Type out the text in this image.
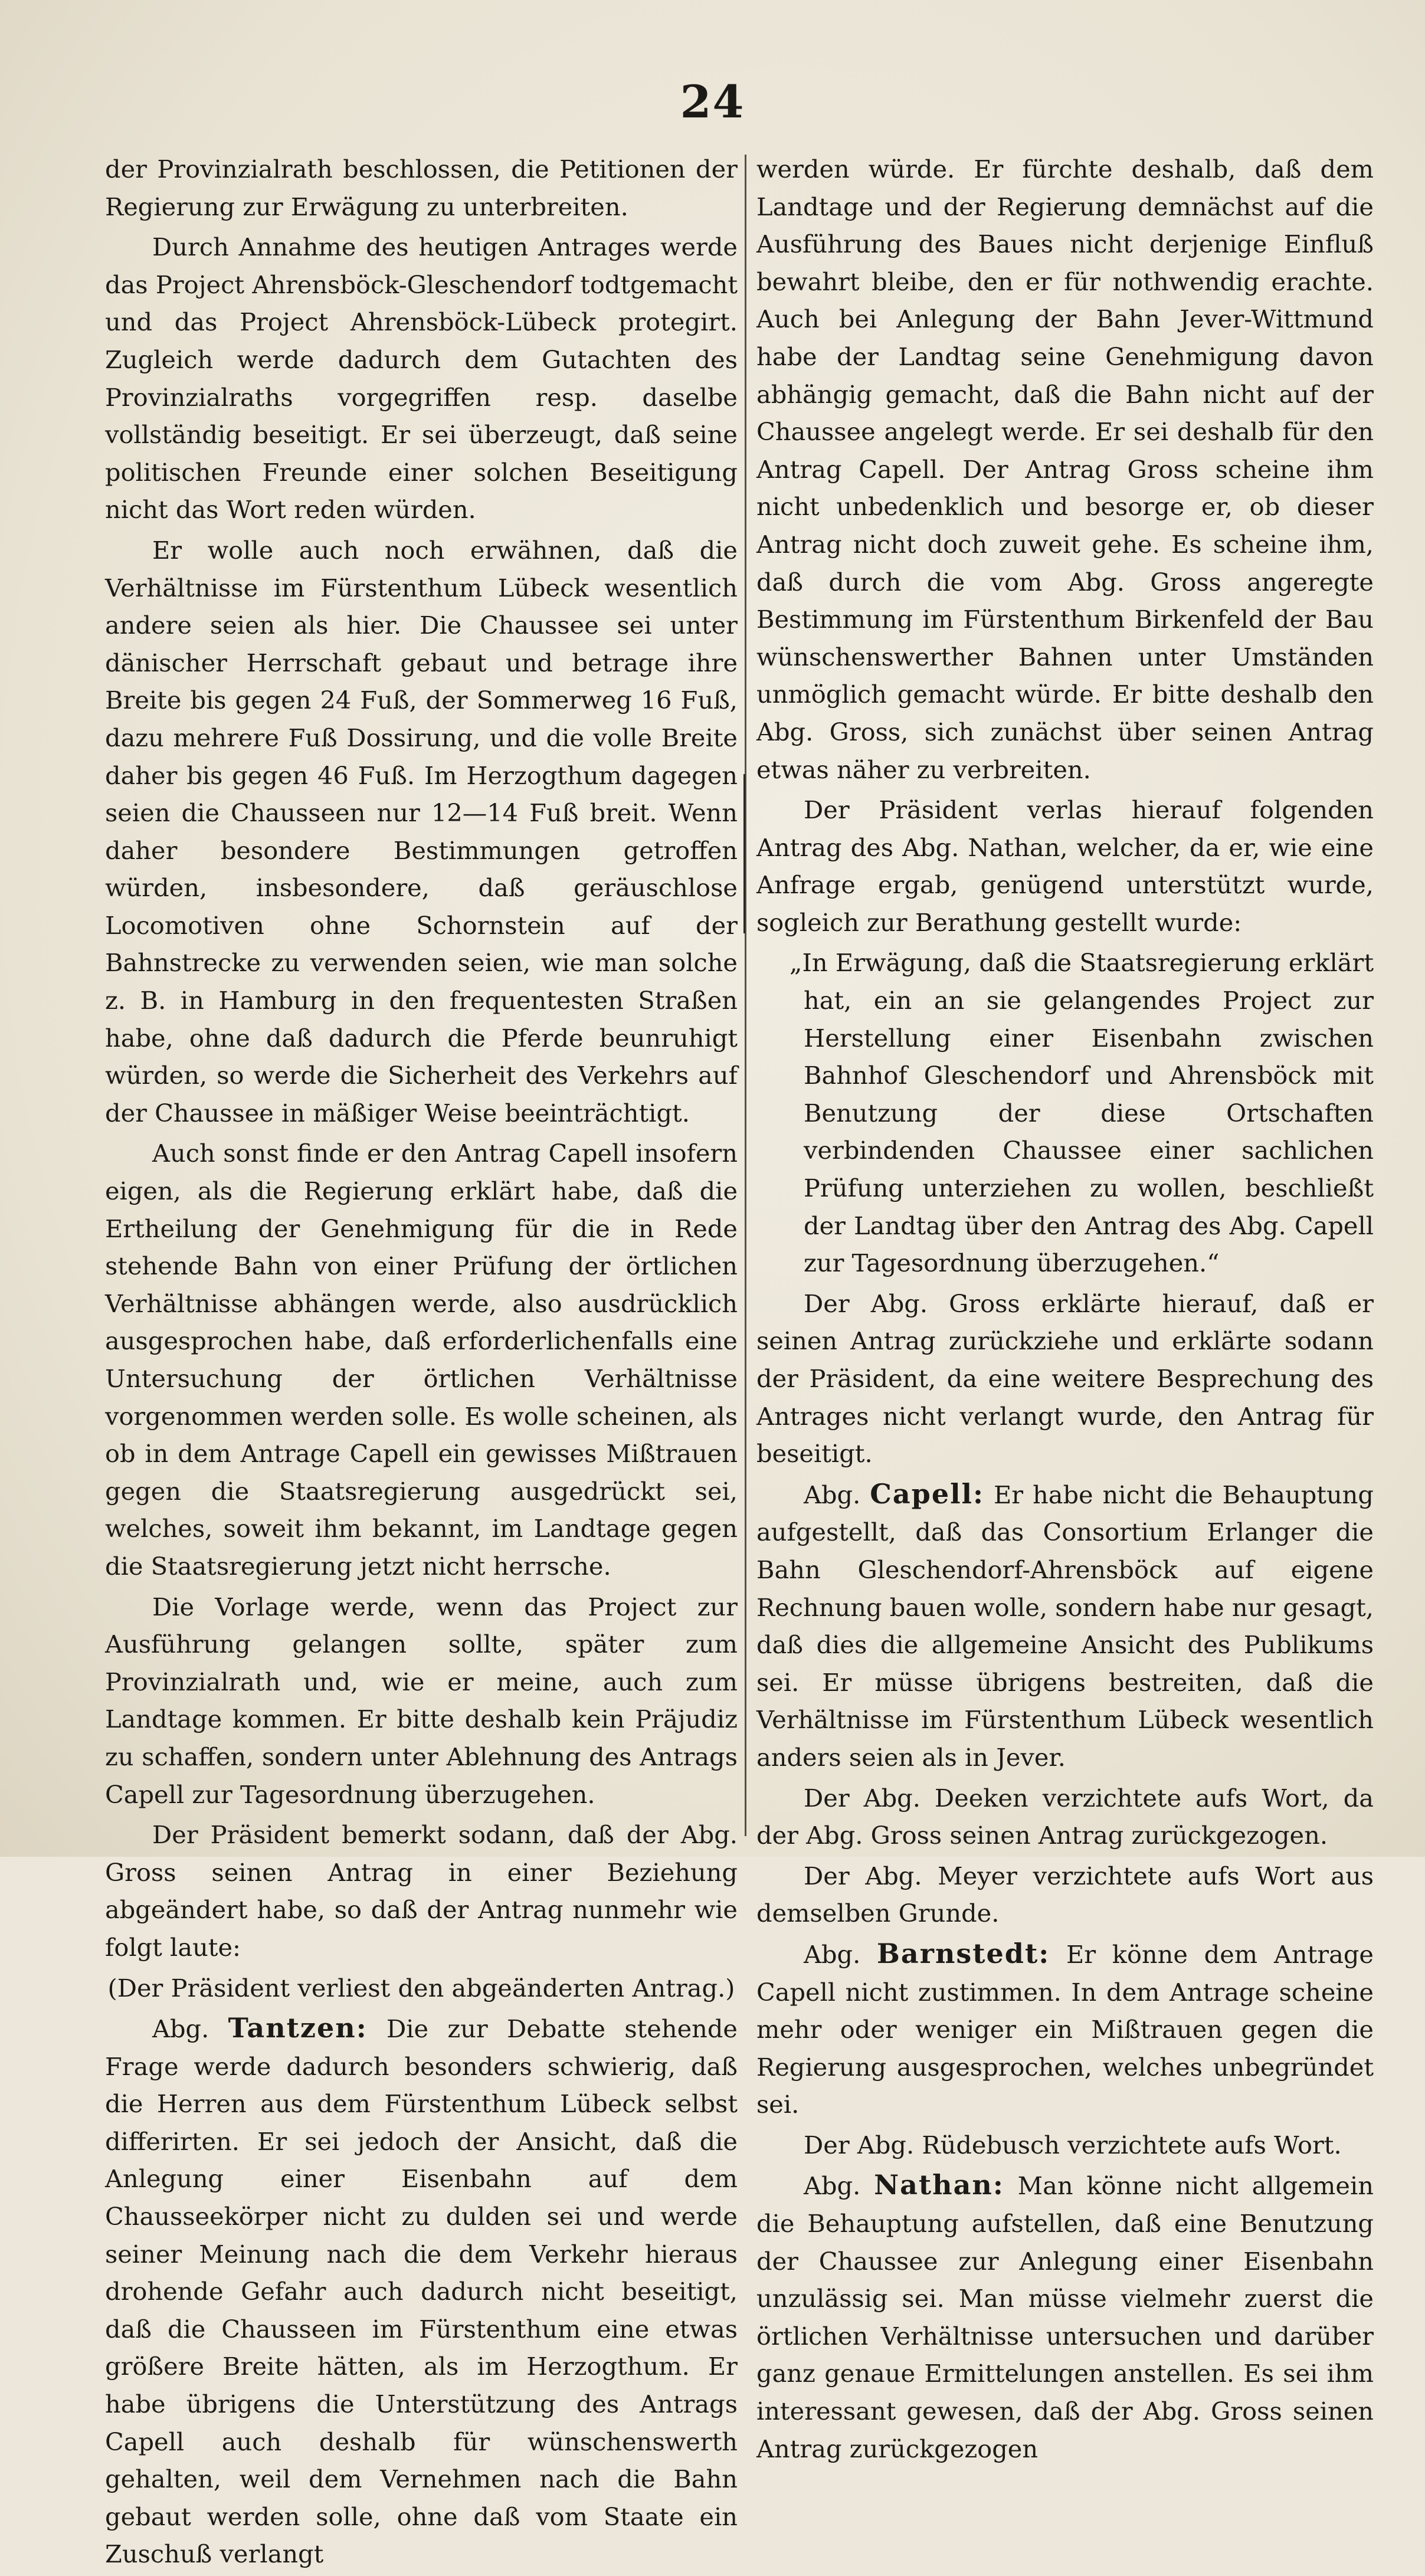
24

der Provinzialrath beschlossen, die Petitionen der Regierung zur Erwägung zu unterbreiten.

Durch Annahme des heutigen Antrages werde das Project Ahrensböck-Gleschendorf todtgemacht und das Project Ahrensböck-Lübeck protegirt. Zugleich werde dadurch dem Gutachten des Provinzialraths vorgegriffen resp. daselbe vollständig beseitigt. Er sei überzeugt, daß seine politischen Freunde einer solchen Beseitigung nicht das Wort reden würden.

Er wolle auch noch erwähnen, daß die Verhältnisse im Fürstenthum Lübeck wesentlich andere seien als hier. Die Chaussee sei unter dänischer Herrschaft gebaut und betrage ihre Breite bis gegen 24 Fuß, der Sommerweg 16 Fuß, dazu mehrere Fuß Dossirung, und die volle Breite daher bis gegen 46 Fuß. Im Herzogthum dagegen seien die Chausseen nur 12—14 Fuß breit. Wenn daher besondere Bestimmungen getroffen würden, insbesondere, daß geräuschlose Locomotiven ohne Schornstein auf der Bahnstrecke zu verwenden seien, wie man solche z. B. in Hamburg in den frequentesten Straßen habe, ohne daß dadurch die Pferde beunruhigt würden, so werde die Sicherheit des Verkehrs auf der Chaussee in mäßiger Weise beeinträchtigt.

Auch sonst finde er den Antrag Capell insofern eigen, als die Regierung erklärt habe, daß die Ertheilung der Genehmigung für die in Rede stehende Bahn von einer Prüfung der örtlichen Verhältnisse abhängen werde, also ausdrücklich ausgesprochen habe, daß erforderlichenfalls eine Untersuchung der örtlichen Verhältnisse vorgenommen werden solle. Es wolle scheinen, als ob in dem Antrage Capell ein gewisses Mißtrauen gegen die Staatsregierung ausgedrückt sei, welches, soweit ihm bekannt, im Landtage gegen die Staatsregierung jetzt nicht herrsche.

Die Vorlage werde, wenn das Project zur Ausführung gelangen sollte, später zum Provinzialrath und, wie er meine, auch zum Landtage kommen. Er bitte deshalb kein Präjudiz zu schaffen, sondern unter Ablehnung des Antrags Capell zur Tagesordnung überzugehen.

Der Präsident bemerkt sodann, daß der Abg. Gross seinen Antrag in einer Beziehung abgeändert habe, so daß der Antrag nunmehr wie folgt laute:

(Der Präsident verliest den abgeänderten Antrag.)

Abg. Tantzen: Die zur Debatte stehende Frage werde dadurch besonders schwierig, daß die Herren aus dem Fürstenthum Lübeck selbst differirten. Er sei jedoch der Ansicht, daß die Anlegung einer Eisenbahn auf dem Chausseekörper nicht zu dulden sei und werde seiner Meinung nach die dem Verkehr hieraus drohende Gefahr auch dadurch nicht beseitigt, daß die Chausseen im Fürstenthum eine etwas größere Breite hätten, als im Herzogthum. Er habe übrigens die Unterstützung des Antrags Capell auch deshalb für wünschenswerth gehalten, weil dem Vernehmen nach die Bahn gebaut werden solle, ohne daß vom Staate ein Zuschuß verlangt

werden würde. Er fürchte deshalb, daß dem Landtage und der Regierung demnächst auf die Ausführung des Baues nicht derjenige Einfluß bewahrt bleibe, den er für nothwendig erachte. Auch bei Anlegung der Bahn Jever-Wittmund habe der Landtag seine Genehmigung davon abhängig gemacht, daß die Bahn nicht auf der Chaussee angelegt werde. Er sei deshalb für den Antrag Capell. Der Antrag Gross scheine ihm nicht unbedenklich und besorge er, ob dieser Antrag nicht doch zuweit gehe. Es scheine ihm, daß durch die vom Abg. Gross angeregte Bestimmung im Fürstenthum Birkenfeld der Bau wünschenswerther Bahnen unter Umständen unmöglich gemacht würde. Er bitte deshalb den Abg. Gross, sich zunächst über seinen Antrag etwas näher zu verbreiten.

Der Präsident verlas hierauf folgenden Antrag des Abg. Nathan, welcher, da er, wie eine Anfrage ergab, genügend unterstützt wurde, sogleich zur Berathung gestellt wurde:

„In Erwägung, daß die Staatsregierung erklärt hat, ein an sie gelangendes Project zur Herstellung einer Eisenbahn zwischen Bahnhof Gleschendorf und Ahrensböck mit Benutzung der diese Ortschaften verbindenden Chaussee einer sachlichen Prüfung unterziehen zu wollen, beschließt der Landtag über den Antrag des Abg. Capell zur Tagesordnung überzugehen.“

Der Abg. Gross erklärte hierauf, daß er seinen Antrag zurückziehe und erklärte sodann der Präsident, da eine weitere Besprechung des Antrages nicht verlangt wurde, den Antrag für beseitigt.

Abg. Capell: Er habe nicht die Behauptung aufgestellt, daß das Consortium Erlanger die Bahn Gleschendorf-Ahrensböck auf eigene Rechnung bauen wolle, sondern habe nur gesagt, daß dies die allgemeine Ansicht des Publikums sei. Er müsse übrigens bestreiten, daß die Verhältnisse im Fürstenthum Lübeck wesentlich anders seien als in Jever.

Der Abg. Deeken verzichtete aufs Wort, da der Abg. Gross seinen Antrag zurückgezogen.

Der Abg. Meyer verzichtete aufs Wort aus demselben Grunde.

Abg. Barnstedt: Er könne dem Antrage Capell nicht zustimmen. In dem Antrage scheine mehr oder weniger ein Mißtrauen gegen die Regierung ausgesprochen, welches unbegründet sei.

Der Abg. Rüdebusch verzichtete aufs Wort.

Abg. Nathan: Man könne nicht allgemein die Behauptung aufstellen, daß eine Benutzung der Chaussee zur Anlegung einer Eisenbahn unzulässig sei. Man müsse vielmehr zuerst die örtlichen Verhältnisse untersuchen und darüber ganz genaue Ermittelungen anstellen. Es sei ihm interessant gewesen, daß der Abg. Gross seinen Antrag zurückgezogen
